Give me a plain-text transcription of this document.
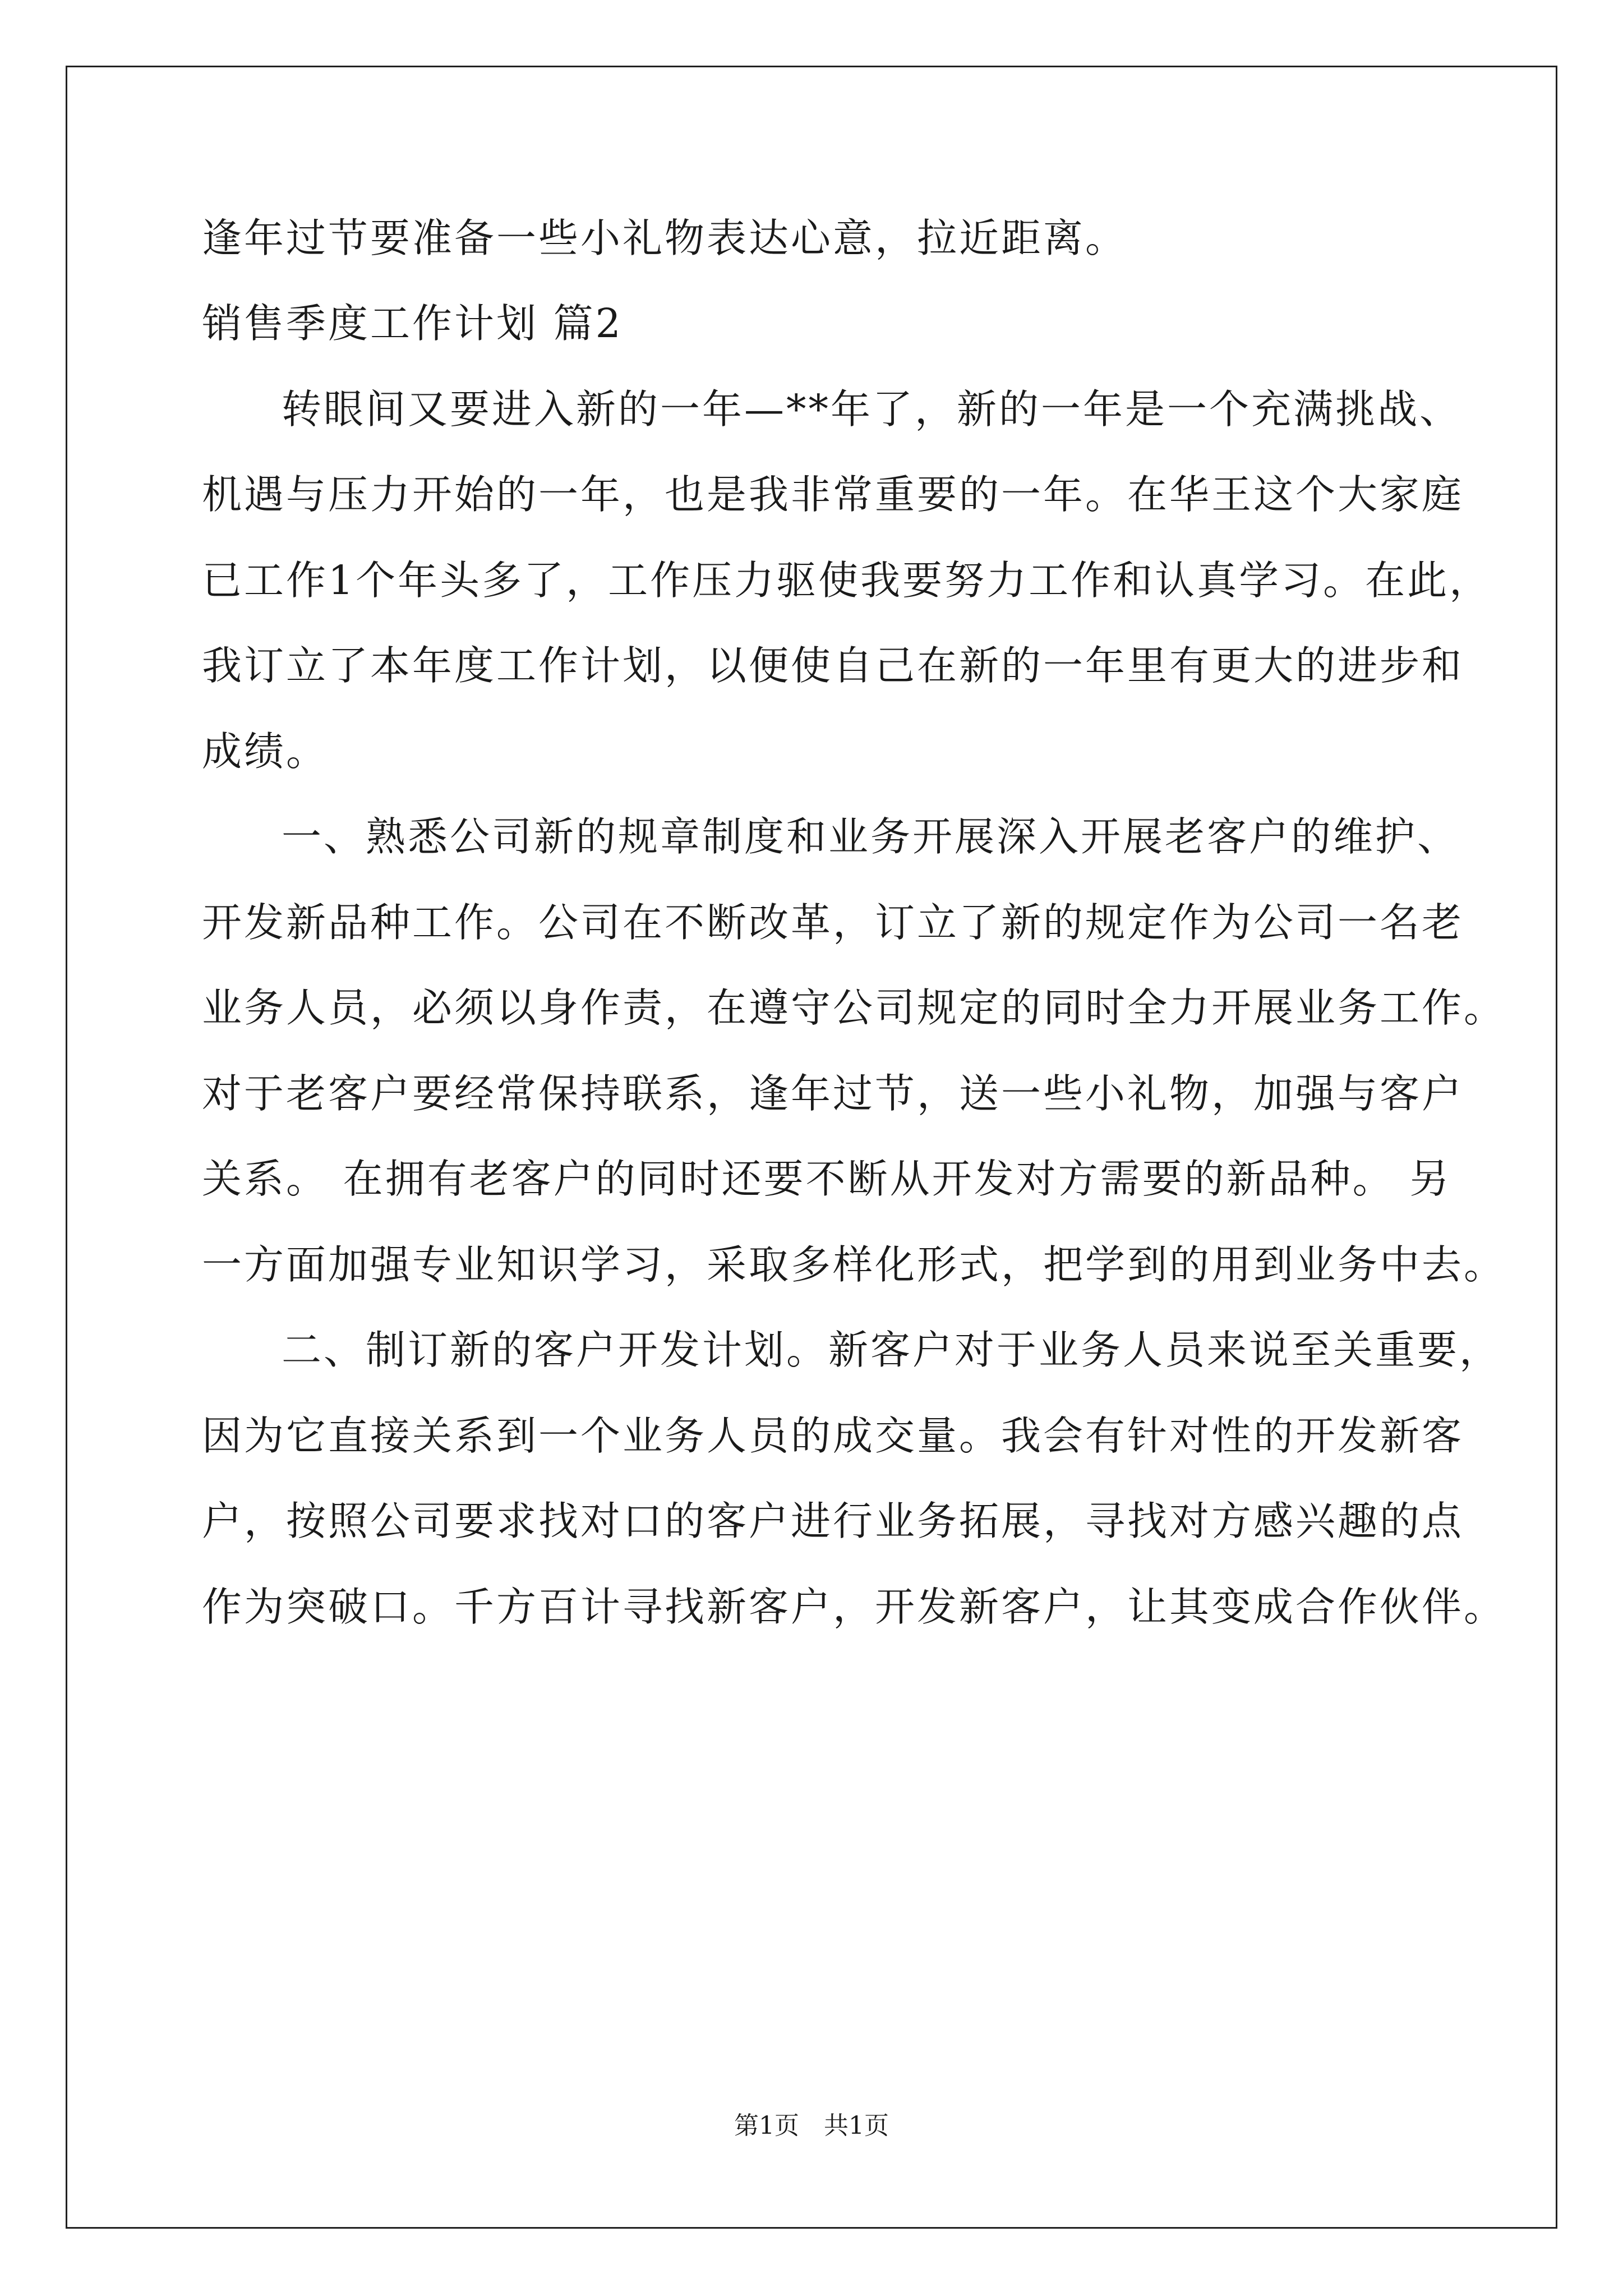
逢年过节要准备一些小礼物表达心意，拉近距离。
销售季度工作计划 篇2
转眼间又要进入新的一年—**年了，新的一年是一个充满挑战、
机遇与压力开始的一年，也是我非常重要的一年。在华王这个大家庭
已工作1个年头多了，工作压力驱使我要努力工作和认真学习。在此，
我订立了本年度工作计划，以便使自己在新的一年里有更大的进步和
成绩。
一、熟悉公司新的规章制度和业务开展深入开展老客户的维护、
开发新品种工作。公司在不断改革，订立了新的规定作为公司一名老
业务人员，必须以身作责，在遵守公司规定的同时全力开展业务工作。
对于老客户要经常保持联系，逢年过节，送一些小礼物，加强与客户
关系。 在拥有老客户的同时还要不断从开发对方需要的新品种。 另
一方面加强专业知识学习，采取多样化形式，把学到的用到业务中去。
二、制订新的客户开发计划。新客户对于业务人员来说至关重要，
因为它直接关系到一个业务人员的成交量。我会有针对性的开发新客
户，按照公司要求找对口的客户进行业务拓展，寻找对方感兴趣的点
作为突破口。千方百计寻找新客户，开发新客户，让其变成合作伙伴。
第1页　共1页
